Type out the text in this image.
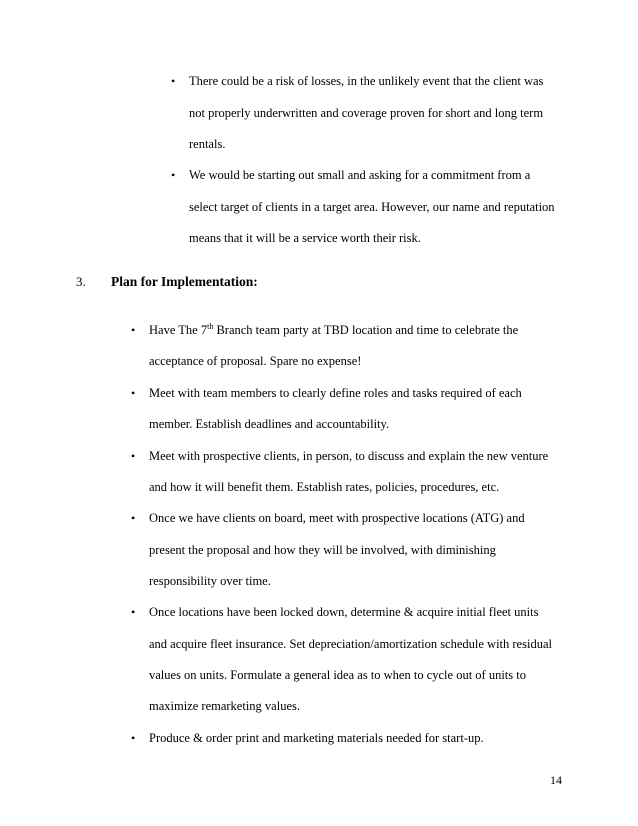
• There could be a risk of losses, in the unlikely event that the client was
not properly underwritten and coverage proven for short and long term
rentals.
• We would be starting out small and asking for a commitment from a
select target of clients in a target area. However, our name and reputation
means that it will be a service worth their risk.
3. Plan for Implementation:
• Have The 7th Branch team party at TBD location and time to celebrate the
acceptance of proposal. Spare no expense!
• Meet with team members to clearly define roles and tasks required of each
member. Establish deadlines and accountability.
• Meet with prospective clients, in person, to discuss and explain the new venture
and how it will benefit them. Establish rates, policies, procedures, etc.
• Once we have clients on board, meet with prospective locations (ATG) and
present the proposal and how they will be involved, with diminishing
responsibility over time.
• Once locations have been locked down, determine & acquire initial fleet units
and acquire fleet insurance. Set depreciation/amortization schedule with residual
values on units. Formulate a general idea as to when to cycle out of units to
maximize remarketing values.
• Produce & order print and marketing materials needed for start-up.
14
